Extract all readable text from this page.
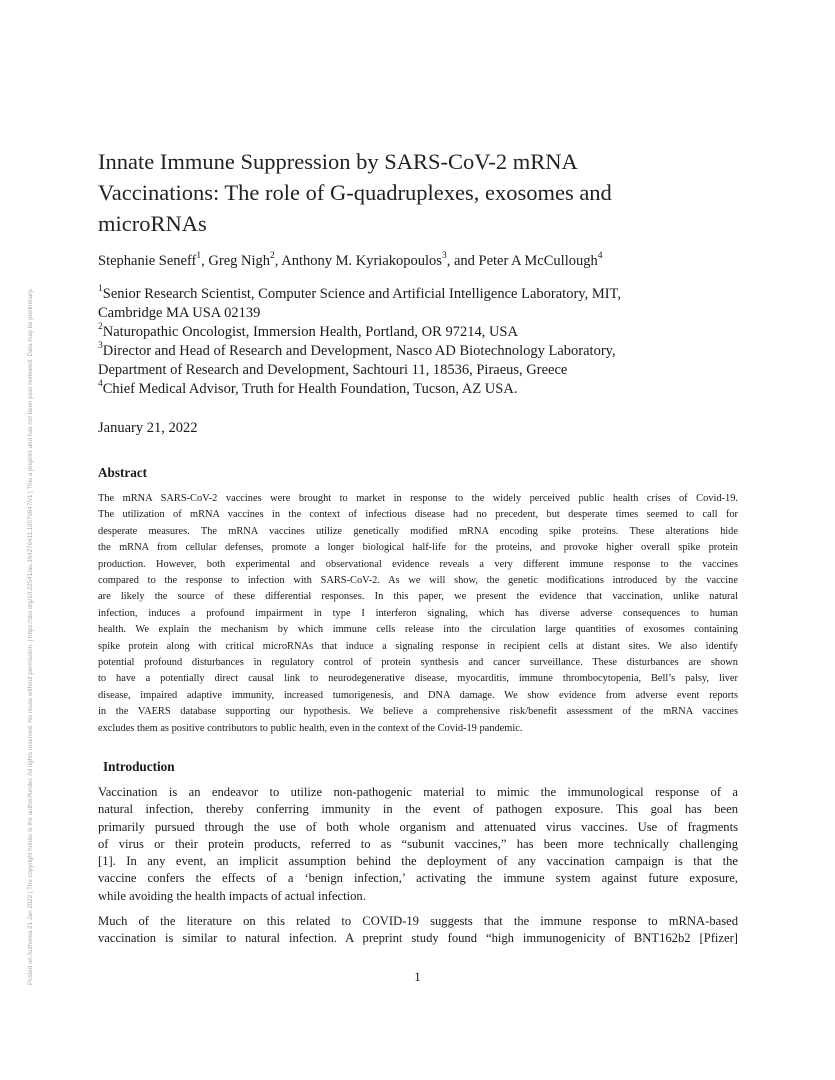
Posted on Authorea 21 Jan 2022 | The copyright holder is the author/funder. All rights reserved. No reuse without permission. | https://doi.org/10.22541/au.164276411.10570847/v1 | This a preprint and has not been peer reviewed. Data may be preliminary.
Innate Immune Suppression by SARS-CoV-2 mRNA
Vaccinations: The role of G-quadruplexes, exosomes and
microRNAs
Stephanie Seneff$^1$, Greg Nigh$^2$, Anthony M. Kyriakopoulos$^3$, and Peter A McCullough$^4$
$^1$Senior Research Scientist, Computer Science and Artificial Intelligence Laboratory, MIT,
Cambridge MA USA 02139
$^2$Naturopathic Oncologist, Immersion Health, Portland, OR 97214, USA
$^3$Director and Head of Research and Development, Nasco AD Biotechnology Laboratory,
Department of Research and Development, Sachtouri 11, 18536, Piraeus, Greece
$^4$Chief Medical Advisor, Truth for Health Foundation, Tucson, AZ USA.
January 21, 2022
Abstract
The mRNA SARS-CoV-2 vaccines were brought to market in response to the widely perceived public health crises of Covid-19.
The utilization of mRNA vaccines in the context of infectious disease had no precedent, but desperate times seemed to call for
desperate measures. The mRNA vaccines utilize genetically modified mRNA encoding spike proteins. These alterations hide
the mRNA from cellular defenses, promote a longer biological half-life for the proteins, and provoke higher overall spike protein
production. However, both experimental and observational evidence reveals a very different immune response to the vaccines
compared to the response to infection with SARS-CoV-2. As we will show, the genetic modifications introduced by the vaccine
are likely the source of these differential responses. In this paper, we present the evidence that vaccination, unlike natural
infection, induces a profound impairment in type I interferon signaling, which has diverse adverse consequences to human
health. We explain the mechanism by which immune cells release into the circulation large quantities of exosomes containing
spike protein along with critical microRNAs that induce a signaling response in recipient cells at distant sites. We also identify
potential profound disturbances in regulatory control of protein synthesis and cancer surveillance. These disturbances are shown
to have a potentially direct causal link to neurodegenerative disease, myocarditis, immune thrombocytopenia, Bell’s palsy, liver
disease, impaired adaptive immunity, increased tumorigenesis, and DNA damage. We show evidence from adverse event reports
in the VAERS database supporting our hypothesis. We believe a comprehensive risk/benefit assessment of the mRNA vaccines
excludes them as positive contributors to public health, even in the context of the Covid-19 pandemic.
Introduction
Vaccination is an endeavor to utilize non-pathogenic material to mimic the immunological response of a
natural infection, thereby conferring immunity in the event of pathogen exposure. This goal has been
primarily pursued through the use of both whole organism and attenuated virus vaccines. Use of fragments
of virus or their protein products, referred to as “subunit vaccines,” has been more technically challenging
[1]. In any event, an implicit assumption behind the deployment of any vaccination campaign is that the
vaccine confers the effects of a ‘benign infection,’ activating the immune system against future exposure,
while avoiding the health impacts of actual infection.
Much of the literature on this related to COVID-19 suggests that the immune response to mRNA-based
vaccination is similar to natural infection. A preprint study found “high immunogenicity of BNT162b2 [Pfizer]
1
